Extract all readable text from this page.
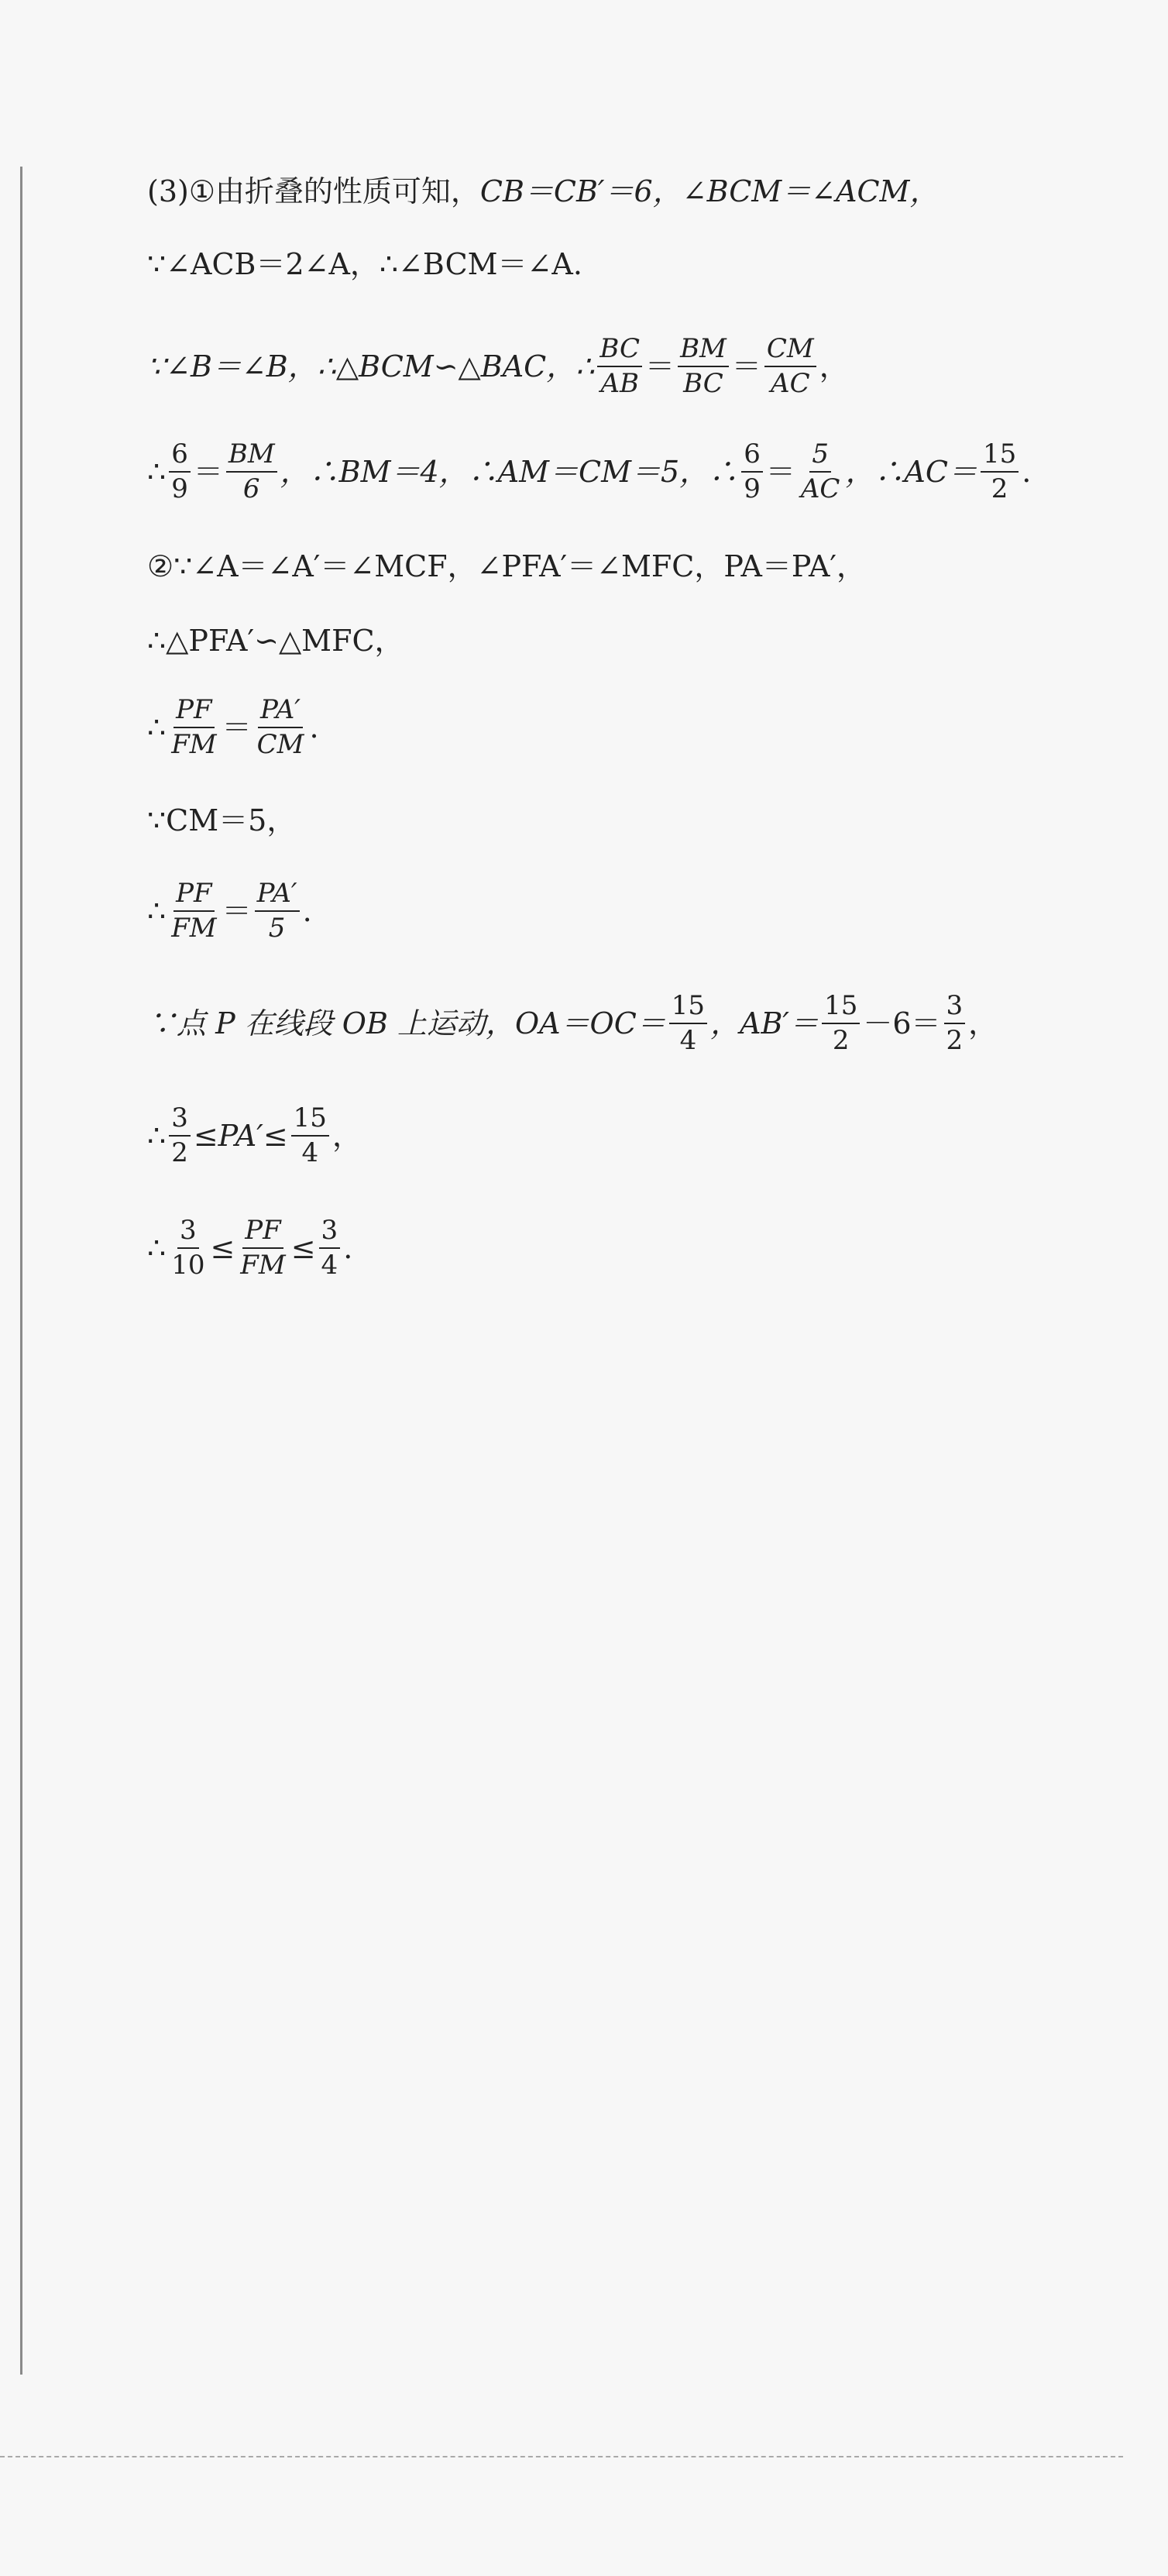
(3)① 由折叠的性质可知， CB＝CB′＝6，∠BCM＝∠ACM，
∵∠ACB＝2∠A，∴∠BCM＝∠A.
∵∠B＝∠B，∴△BCM∽△BAC，∴ $\frac{BC}{AB} = \frac{BM}{BC} = \frac{CM}{AC}$ ，
∴ $\frac{6}{9} = \frac{BM}{6}$ ，∴BM＝4，∴AM＝CM＝5，∴ $\frac{6}{9} = \frac{5}{AC}$ ，∴AC＝ $\frac{15}{2}$ .
②∵∠A＝∠A′＝∠MCF，∠PFA′＝∠MFC，PA＝PA′，
∴△PFA′∽△MFC，
∴ $\frac{PF}{FM} = \frac{PA'}{CM}$ .
∵CM＝5，
∴ $\frac{PF}{FM} = \frac{PA'}{5}$ .
∵点 P 在线段 OB 上运动，$OA=OC= \frac{15}{4}$ ，$AB'= \frac{15}{2} -6= \frac{3}{2}$ ，
∴ $\frac{3}{2} \le PA'\le \frac{15}{4}$ ，
∴ $\frac{3}{10} \le \frac{PF}{FM} \le \frac{3}{4}$ .
